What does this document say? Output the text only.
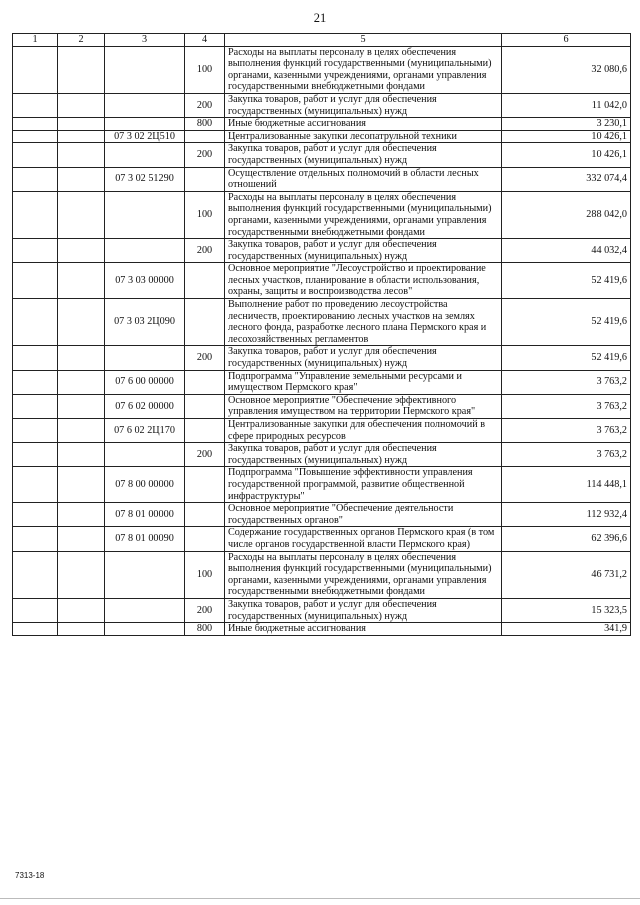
21
1	2	3	4	5	6
			100	Расходы на выплаты персоналу в целях обеспечения выполнения функций государственными (муниципальными) органами, казенными учреждениями, органами управления государственными внебюджетными фондами	32 080,6
			200	Закупка товаров, работ и услуг для обеспечения государственных (муниципальных) нужд	11 042,0
			800	Иные бюджетные ассигнования	3 230,1
		07 3 02 2Ц510		Централизованные закупки лесопатрульной техники	10 426,1
			200	Закупка товаров, работ и услуг для обеспечения государственных (муниципальных) нужд	10 426,1
		07 3 02 51290		Осуществление отдельных полномочий в области лесных отношений	332 074,4
			100	Расходы на выплаты персоналу в целях обеспечения выполнения функций государственными (муниципальными) органами, казенными учреждениями, органами управления государственными внебюджетными фондами	288 042,0
			200	Закупка товаров, работ и услуг для обеспечения государственных (муниципальных) нужд	44 032,4
		07 3 03 00000		Основное мероприятие "Лесоустройство и проектирование лесных участков, планирование в области использования, охраны, защиты и воспроизводства лесов"	52 419,6
		07 3 03 2Ц090		Выполнение работ по проведению лесоустройства лесничеств, проектированию лесных участков на землях лесного фонда, разработке лесного плана Пермского края и лесохозяйственных регламентов	52 419,6
			200	Закупка товаров, работ и услуг для обеспечения государственных (муниципальных) нужд	52 419,6
		07 6 00 00000		Подпрограмма "Управление земельными ресурсами и имуществом Пермского края"	3 763,2
		07 6 02 00000		Основное мероприятие "Обеспечение эффективного управления имуществом на территории Пермского края"	3 763,2
		07 6 02 2Ц170		Централизованные закупки для обеспечения полномочий в сфере природных ресурсов	3 763,2
			200	Закупка товаров, работ и услуг для обеспечения государственных (муниципальных) нужд	3 763,2
		07 8 00 00000		Подпрограмма "Повышение эффективности управления государственной программой, развитие общественной инфраструктуры"	114 448,1
		07 8 01 00000		Основное мероприятие "Обеспечение деятельности государственных органов"	112 932,4
		07 8 01 00090		Содержание государственных органов Пермского края (в том числе органов государственной власти Пермского края)	62 396,6
			100	Расходы на выплаты персоналу в целях обеспечения выполнения функций государственными (муниципальными) органами, казенными учреждениями, органами управления государственными внебюджетными фондами	46 731,2
			200	Закупка товаров, работ и услуг для обеспечения государственных (муниципальных) нужд	15 323,5
			800	Иные бюджетные ассигнования	341,9
7313-18
